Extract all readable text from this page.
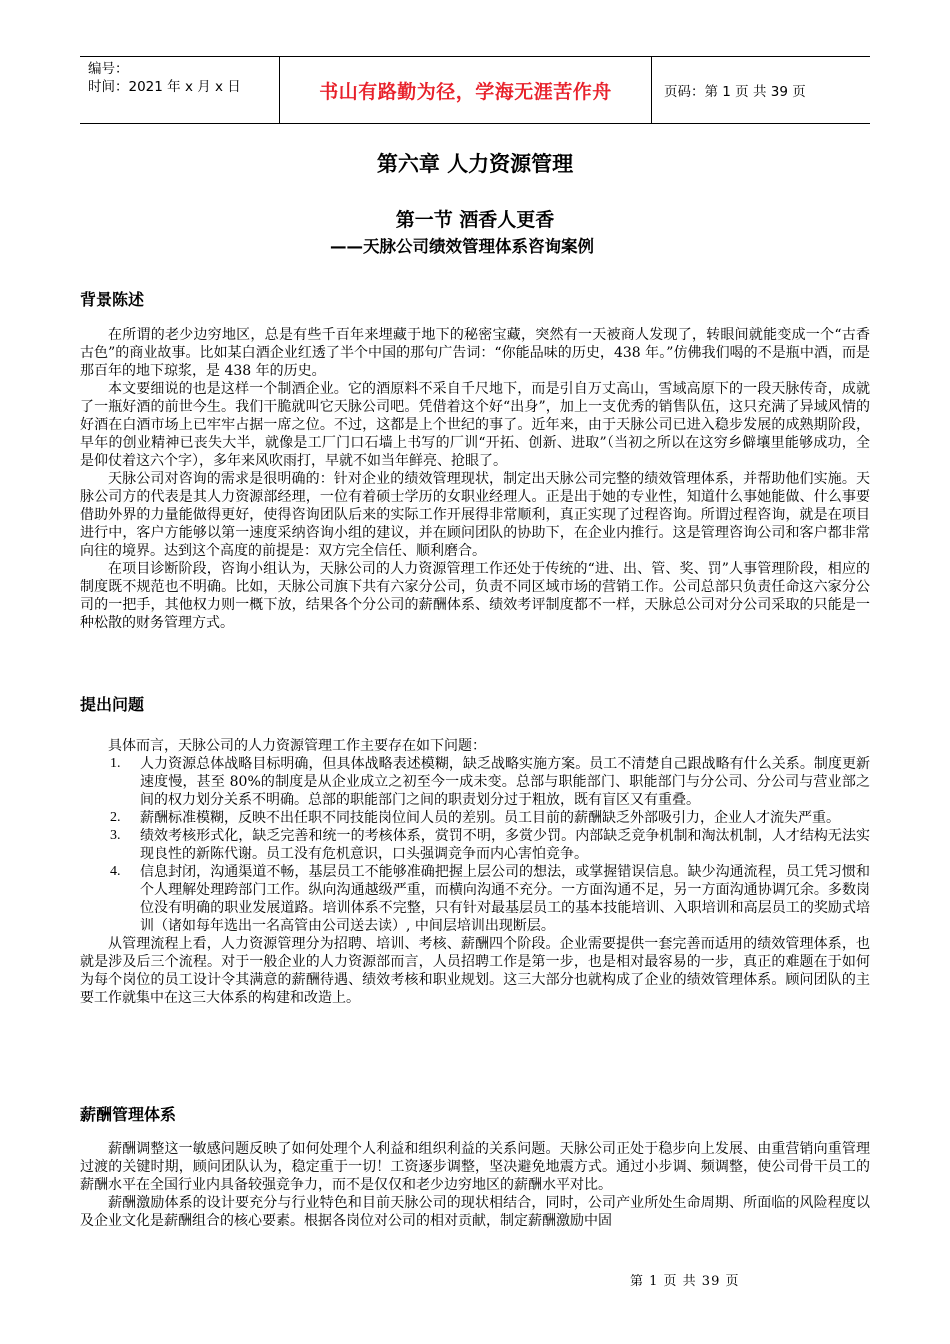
编号：
时间：2021 年 x 月 x 日	书山有路勤为径，学海无涯苦作舟	页码：第 1 页 共 39 页
第六章 人力资源管理
第一节 酒香人更香
——天脉公司绩效管理体系咨询案例
背景陈述

在所谓的老少边穷地区，总是有些千百年来埋藏于地下的秘密宝藏，突然有一天被商人发现了，转眼间就能变成一个“古香古色”的商业故事。比如某白酒企业红透了半个中国的那句广告词：“你能品味的历史，438 年。”仿佛我们喝的不是瓶中酒，而是那百年的地下琼浆，是 438 年的历史。

本文要细说的也是这样一个制酒企业。它的酒原料不采自千尺地下，而是引自万丈高山，雪域高原下的一段天脉传奇，成就了一瓶好酒的前世今生。我们干脆就叫它天脉公司吧。凭借着这个好“出身”，加上一支优秀的销售队伍，这只充满了异域风情的好酒在白酒市场上已牢牢占据一席之位。不过，这都是上个世纪的事了。近年来，由于天脉公司已进入稳步发展的成熟期阶段，早年的创业精神已丧失大半，就像是工厂门口石墙上书写的厂训“开拓、创新、进取”（当初之所以在这穷乡僻壤里能够成功，全是仰仗着这六个字），多年来风吹雨打，早就不如当年鲜亮、抢眼了。

天脉公司对咨询的需求是很明确的：针对企业的绩效管理现状，制定出天脉公司完整的绩效管理体系，并帮助他们实施。天脉公司方的代表是其人力资源部经理，一位有着硕士学历的女职业经理人。正是出于她的专业性，知道什么事她能做、什么事要借助外界的力量能做得更好，使得咨询团队后来的实际工作开展得非常顺利，真正实现了过程咨询。所谓过程咨询，就是在项目进行中，客户方能够以第一速度采纳咨询小组的建议，并在顾问团队的协助下，在企业内推行。这是管理咨询公司和客户都非常向往的境界。达到这个高度的前提是：双方完全信任、顺利磨合。

在项目诊断阶段，咨询小组认为，天脉公司的人力资源管理工作还处于传统的“进、出、管、奖、罚”人事管理阶段，相应的制度既不规范也不明确。比如，天脉公司旗下共有六家分公司，负责不同区域市场的营销工作。公司总部只负责任命这六家分公司的一把手，其他权力则一概下放，结果各个分公司的薪酬体系、绩效考评制度都不一样，天脉总公司对分公司采取的只能是一种松散的财务管理方式。

提出问题

具体而言，天脉公司的人力资源管理工作主要存在如下问题：

1.	人力资源总体战略目标明确，但具体战略表述模糊，缺乏战略实施方案。员工不清楚自己跟战略有什么关系。制度更新速度慢，甚至 80%的制度是从企业成立之初至今一成未变。总部与职能部门、职能部门与分公司、分公司与营业部之间的权力划分关系不明确。总部的职能部门之间的职责划分过于粗放，既有盲区又有重叠。
2.	薪酬标准模糊，反映不出任职不同技能岗位间人员的差别。员工目前的薪酬缺乏外部吸引力，企业人才流失严重。
3.	绩效考核形式化，缺乏完善和统一的考核体系，赏罚不明，多赏少罚。内部缺乏竞争机制和淘汰机制，人才结构无法实现良性的新陈代谢。员工没有危机意识，口头强调竞争而内心害怕竞争。
4.	信息封闭，沟通渠道不畅，基层员工不能够准确把握上层公司的想法，或掌握错误信息。缺少沟通流程，员工凭习惯和个人理解处理跨部门工作。纵向沟通越级严重，而横向沟通不充分。一方面沟通不足，另一方面沟通协调冗余。多数岗位没有明确的职业发展道路。培训体系不完整，只有针对最基层员工的基本技能培训、入职培训和高层员工的奖励式培训（诸如每年选出一名高管由公司送去读）, 中间层培训出现断层。

从管理流程上看，人力资源管理分为招聘、培训、考核、薪酬四个阶段。企业需要提供一套完善而适用的绩效管理体系，也就是涉及后三个流程。对于一般企业的人力资源部而言，人员招聘工作是第一步，也是相对最容易的一步，真正的难题在于如何为每个岗位的员工设计令其满意的薪酬待遇、绩效考核和职业规划。这三大部分也就构成了企业的绩效管理体系。顾问团队的主要工作就集中在这三大体系的构建和改造上。

薪酬管理体系

薪酬调整这一敏感问题反映了如何处理个人利益和组织利益的关系问题。天脉公司正处于稳步向上发展、由重营销向重管理过渡的关键时期，顾问团队认为，稳定重于一切！工资逐步调整，坚决避免地震方式。通过小步调、频调整，使公司骨干员工的薪酬水平在全国行业内具备较强竞争力，而不是仅仅和老少边穷地区的薪酬水平对比。

薪酬激励体系的设计要充分与行业特色和目前天脉公司的现状相结合，同时，公司产业所处生命周期、所面临的风险程度以及企业文化是薪酬组合的核心要素。根据各岗位对公司的相对贡献，制定薪酬激励中固

第 1 页 共 39 页
